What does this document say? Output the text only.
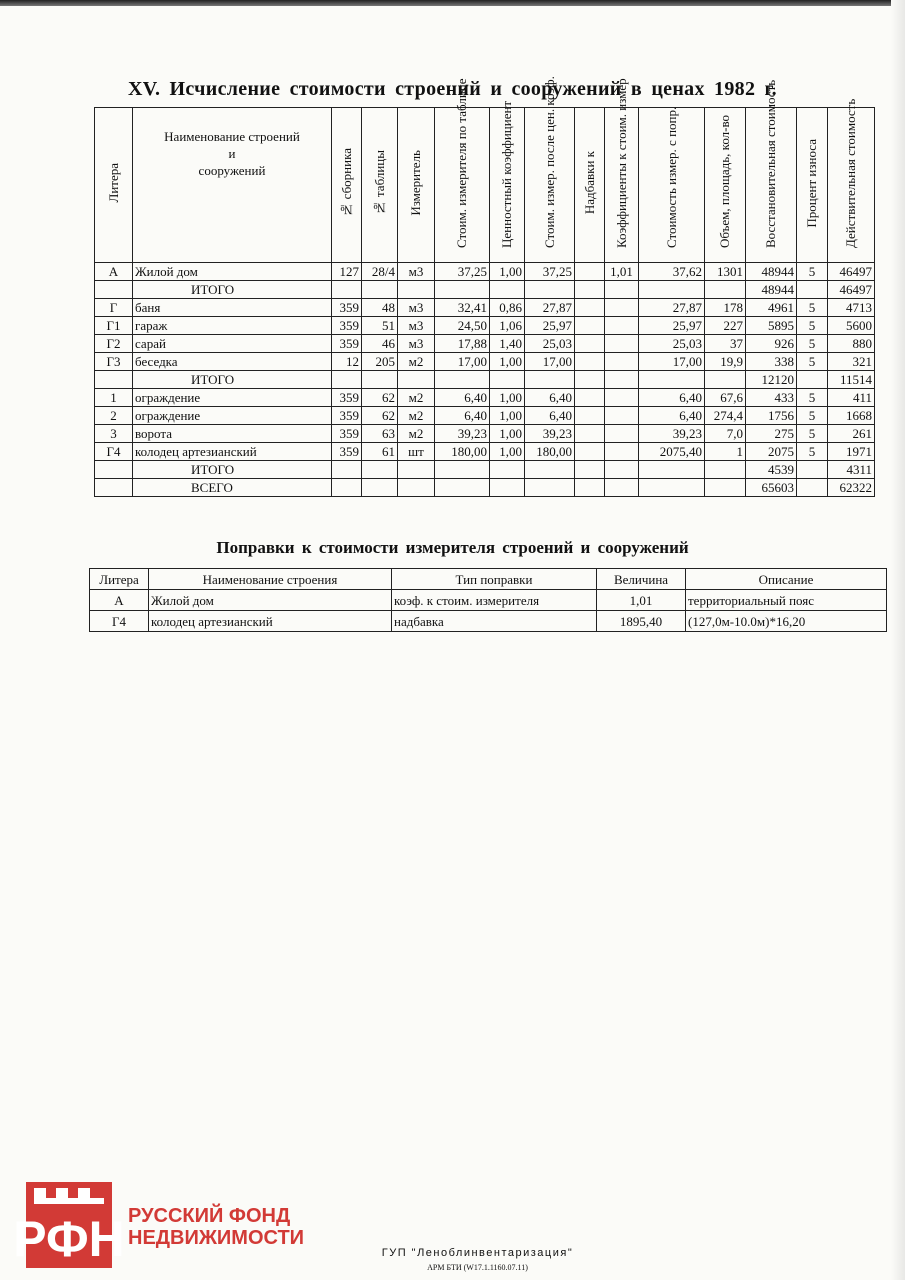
XV. Исчисление стоимости строений и сооружений в ценах 1982 г.
Литера	Наименование строений
и
сооружений	№ сборника	№ таблицы	Измеритель	Стоим. измерителя по таблице	Ценностный коэффициент	Стоим. измер. после цен. коэф.	Надбавки к	Коэффициенты к стоим. измер	Стоимость измер. с попр.	Объем, площадь, кол-во	Восстановительная стоимость	Процент износа	Действительная стоимость
А	Жилой дом	127	28/4	м3	37,25	1,00	37,25		1,01	37,62	1301	48944	5	46497
	ИТОГО											48944		46497
Г	баня	359	48	м3	32,41	0,86	27,87			27,87	178	4961	5	4713
Г1	гараж	359	51	м3	24,50	1,06	25,97			25,97	227	5895	5	5600
Г2	сарай	359	46	м3	17,88	1,40	25,03			25,03	37	926	5	880
Г3	беседка	12	205	м2	17,00	1,00	17,00			17,00	19,9	338	5	321
	ИТОГО											12120		11514
1	ограждение	359	62	м2	6,40	1,00	6,40			6,40	67,6	433	5	411
2	ограждение	359	62	м2	6,40	1,00	6,40			6,40	274,4	1756	5	1668
3	ворота	359	63	м2	39,23	1,00	39,23			39,23	7,0	275	5	261
Г4	колодец артезианский	359	61	шт	180,00	1,00	180,00			2075,40	1	2075	5	1971
	ИТОГО											4539		4311
	ВСЕГО											65603		62322
Поправки к стоимости измерителя строений и сооружений
Литера	Наименование строения	Тип поправки	Величина	Описание
А	Жилой дом	коэф. к стоим. измерителя	1,01	территориальный пояс
Г4	колодец артезианский	надбавка	1895,40	(127,0м-10.0м)*16,20
РФН РУССКИЙ ФОНД
НЕДВИЖИМОСТИ
ГУП "Леноблинвентаризация"
АРМ БТИ (W17.1.1160.07.11)
